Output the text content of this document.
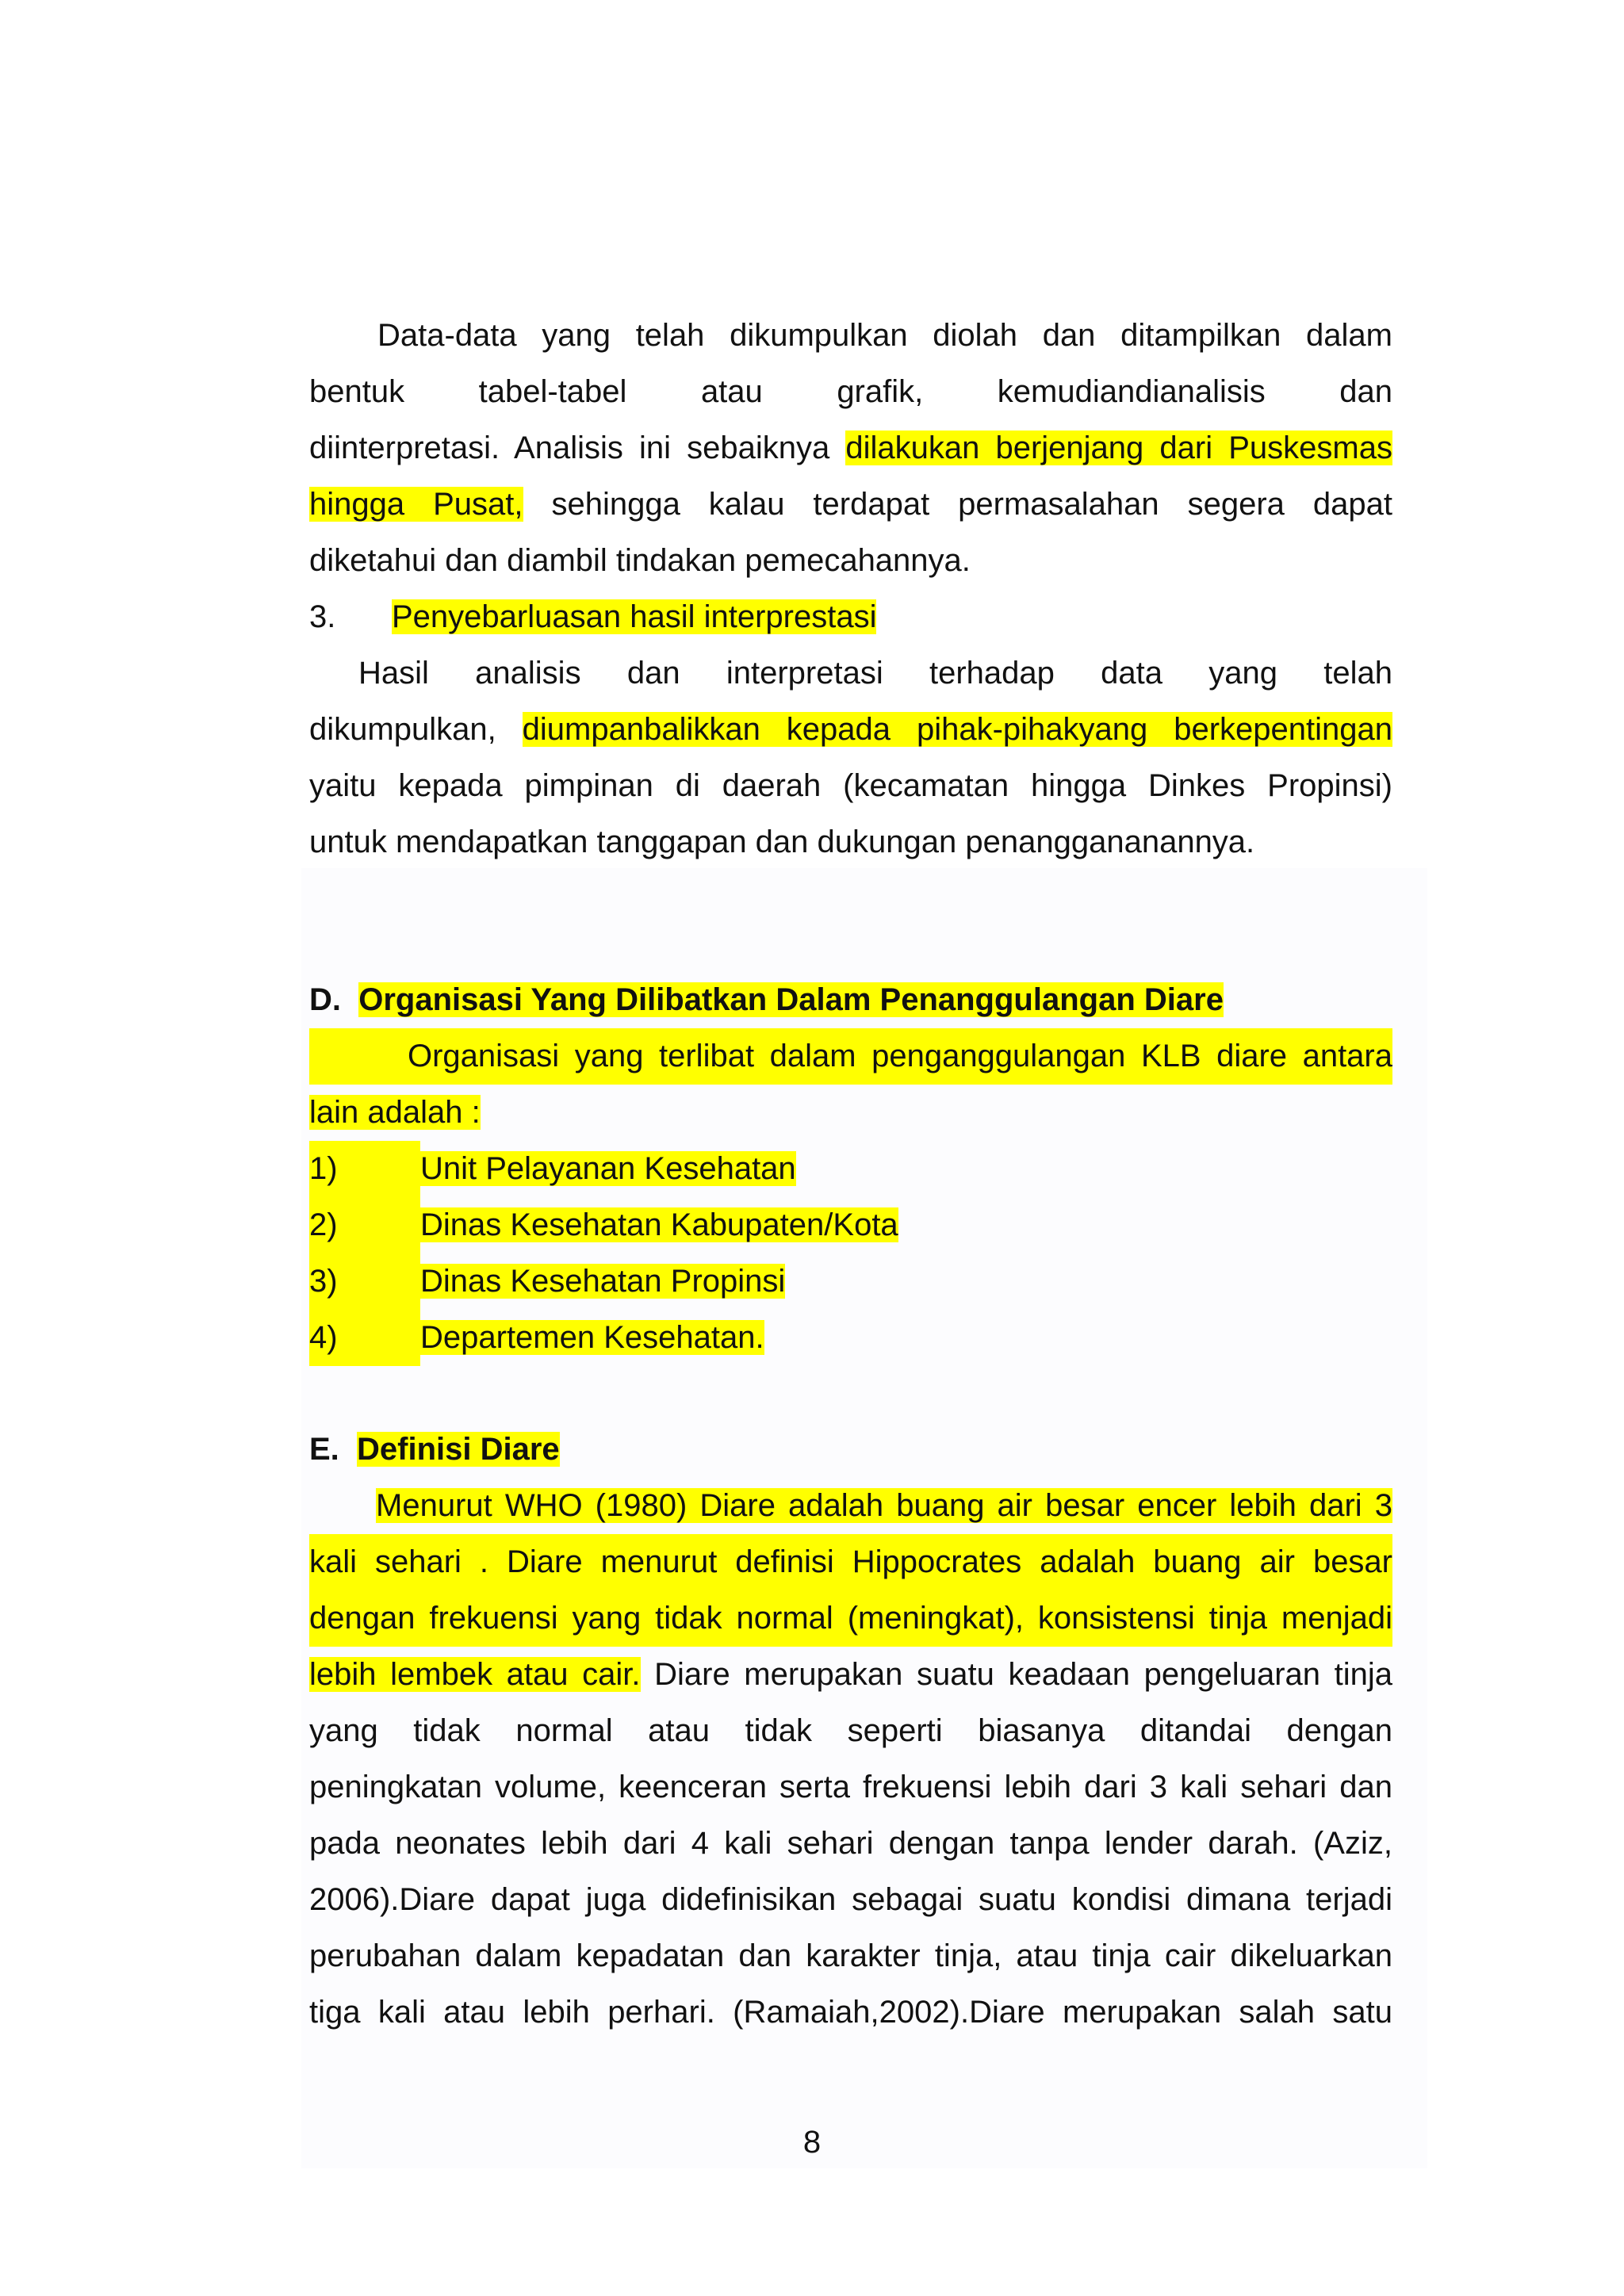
Data-data yang telah dikumpulkan diolah dan ditampilkan dalam
bentuk tabel-tabel atau grafik, kemudiandianalisis dan
diinterpretasi. Analisis ini sebaiknya dilakukan berjenjang dari Puskesmas
hingga Pusat, sehingga kalau terdapat permasalahan segera dapat
diketahui dan diambil tindakan pemecahannya.
3. Penyebarluasan hasil interprestasi
Hasil analisis dan interpretasi terhadap data yang telah
dikumpulkan, diumpanbalikkan kepada pihak-pihakyang berkepentingan
yaitu kepada pimpinan di daerah (kecamatan hingga Dinkes Propinsi)
untuk mendapatkan tanggapan dan dukungan penanggananannya.
D. Organisasi Yang Dilibatkan Dalam Penanggulangan Diare
Organisasi yang terlibat dalam penganggulangan KLB diare antara
lain adalah :
1)	Unit Pelayanan Kesehatan
2)	Dinas Kesehatan Kabupaten/Kota
3)	Dinas Kesehatan Propinsi
4)	Departemen Kesehatan.
E. Definisi Diare
Menurut WHO (1980) Diare adalah buang air besar encer lebih dari 3
kali sehari . Diare menurut definisi Hippocrates adalah buang air besar
dengan frekuensi yang tidak normal (meningkat), konsistensi tinja menjadi
lebih lembek atau cair. Diare merupakan suatu keadaan pengeluaran tinja
yang tidak normal atau tidak seperti biasanya ditandai dengan
peningkatan volume, keenceran serta frekuensi lebih dari 3 kali sehari dan
pada neonates lebih dari 4 kali sehari dengan tanpa lender darah. (Aziz,
2006).Diare dapat juga didefinisikan sebagai suatu kondisi dimana terjadi
perubahan dalam kepadatan dan karakter tinja, atau tinja cair dikeluarkan
tiga kali atau lebih perhari. (Ramaiah,2002).Diare merupakan salah satu
8
